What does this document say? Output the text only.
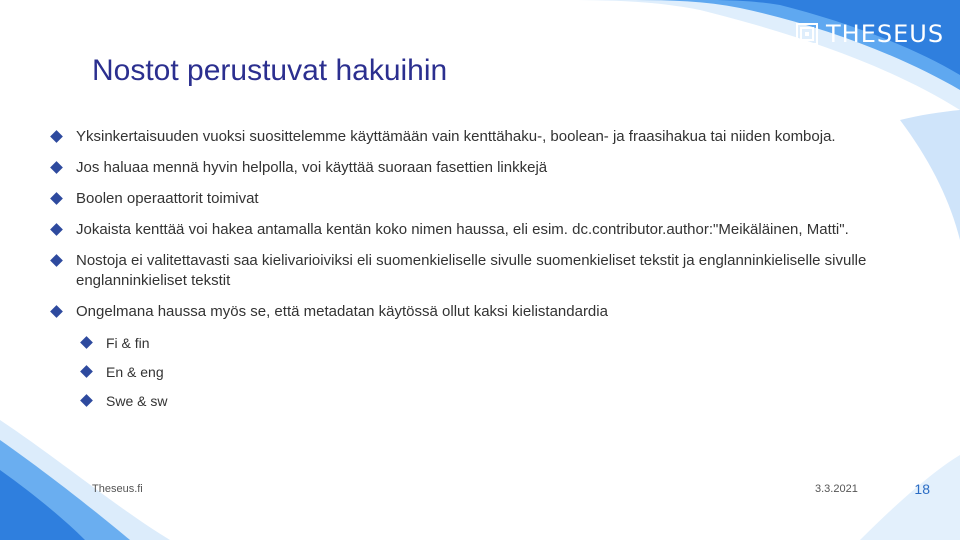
THESEUS
Nostot perustuvat hakuihin
Yksinkertaisuuden vuoksi suosittelemme käyttämään vain kenttähaku-, boolean- ja fraasihakua tai niiden komboja.
Jos haluaa mennä hyvin helpolla, voi käyttää suoraan fasettien linkkejä
Boolen operaattorit toimivat
Jokaista kenttää voi hakea antamalla kentän koko nimen haussa, eli esim. dc.contributor.author:"Meikäläinen, Matti".
Nostoja ei valitettavasti saa kielivarioiviksi eli suomenkieliselle sivulle suomenkieliset tekstit ja englanninkieliselle sivulle englanninkieliset tekstit
Ongelmana haussa myös se, että metadatan käytössä ollut kaksi kielistandardia
Fi & fin
En & eng
Swe & sw
Theseus.fi	3.3.2021	18
